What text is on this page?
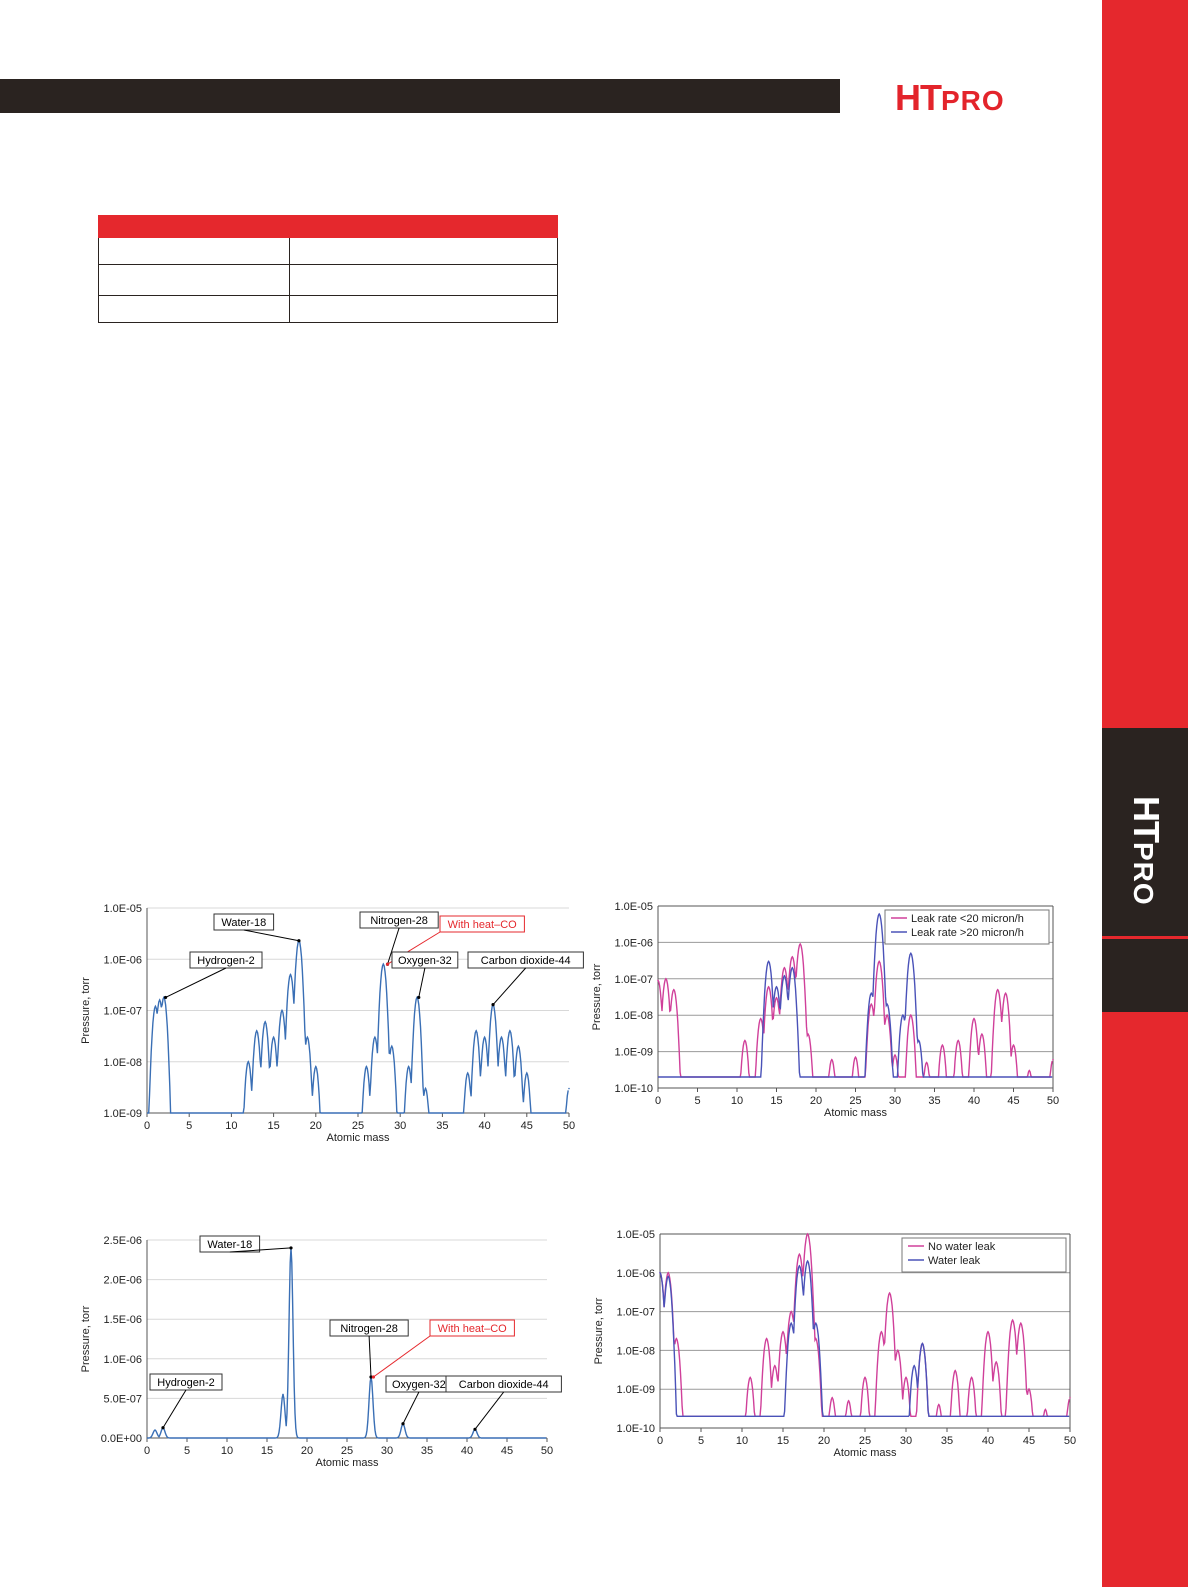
HTPRO
HTPRO

1.0E-09
1.0E-08
1.0E-07
1.0E-06
1.0E-05
0	5	10	15	20	25	30	35	40	45	50
Atomic mass
Pressure, torr
Hydrogen-2
Water-18	Nitrogen-28 With heat–CO
Oxygen-32	Carbon dioxide-44
1.0E-10
1.0E-09
1.0E-08
1.0E-07
1.0E-06
1.0E-05
0	5	10 15 20 25 30 35 40 45 50
Atomic mass
Pressure, torr
Leak rate <20 micron/h
Leak rate >20 micron/h
0.0E+00
5.0E-07
1.0E-06
1.5E-06
2.0E-06
2.5E-06
0	5	10	15	20	25	30	35	40	45	50
Atomic mass
Pressure, torr
Hydrogen-2
Water-18
Nitrogen-28	With heat–CO
Oxygen-32 Carbon dioxide-44
1.0E-10
1.0E-09
1.0E-08
1.0E-07
1.0E-06
1.0E-05
0	5	10	15	20	25	30	35	40	45	50
Atomic mass
Pressure, torr
No water leak
Water leak
